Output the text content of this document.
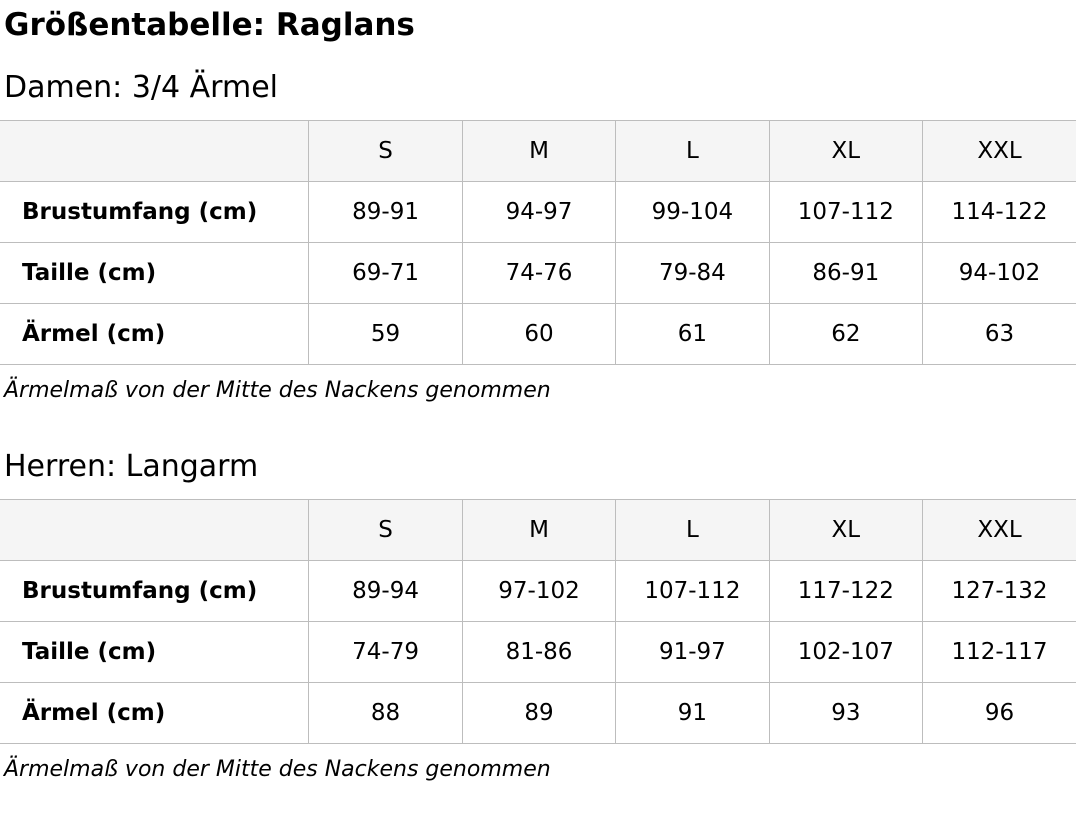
Größentabelle: Raglans
Damen: 3/4 Ärmel
	S	M	L	XL	XXL
Brustumfang (cm)	89-91	94-97	99-104	107-112	114-122
Taille (cm)	69-71	74-76	79-84	86-91	94-102
Ärmel (cm)	59	60	61	62	63
Ärmelmaß von der Mitte des Nackens genommen
Herren: Langarm
	S	M	L	XL	XXL
Brustumfang (cm)	89-94	97-102	107-112	117-122	127-132
Taille (cm)	74-79	81-86	91-97	102-107	112-117
Ärmel (cm)	88	89	91	93	96
Ärmelmaß von der Mitte des Nackens genommen
